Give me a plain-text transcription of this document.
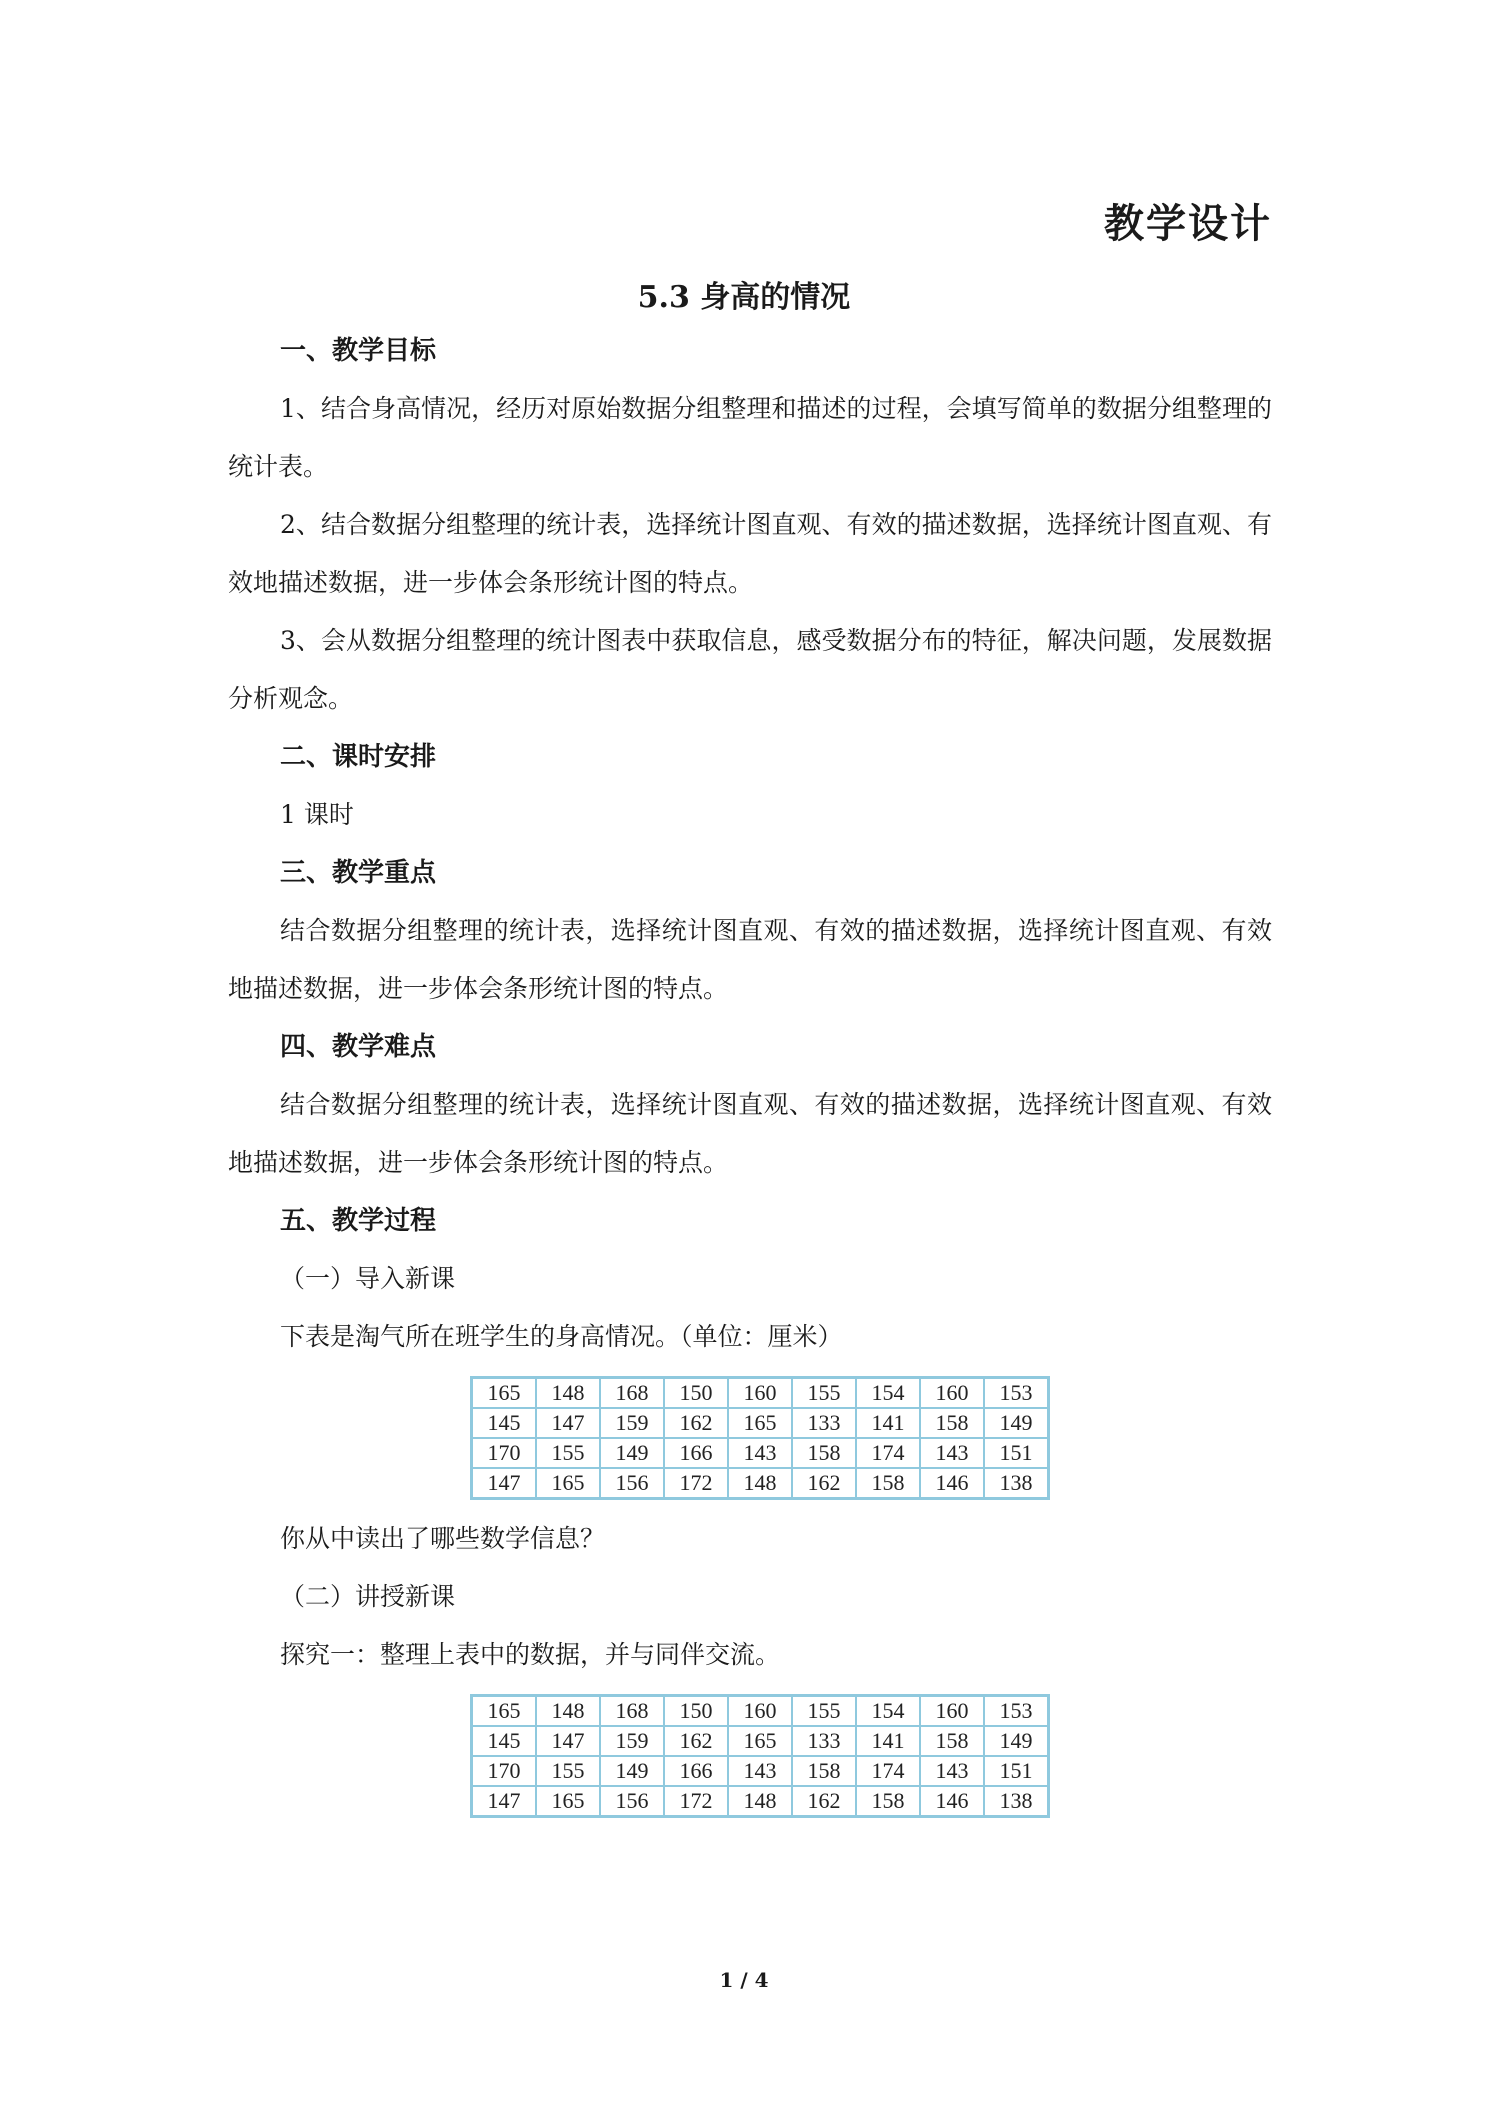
教学设计
5.3 身高的情况

一、教学目标

1、结合身高情况，经历对原始数据分组整理和描述的过程，会填写简单的数据分组整理的统计表。

2、结合数据分组整理的统计表，选择统计图直观、有效的描述数据，选择统计图直观、有效地描述数据，进一步体会条形统计图的特点。

3、会从数据分组整理的统计图表中获取信息，感受数据分布的特征，解决问题，发展数据分析观念。

二、课时安排

1 课时

三、教学重点

结合数据分组整理的统计表，选择统计图直观、有效的描述数据，选择统计图直观、有效地描述数据，进一步体会条形统计图的特点。

四、教学难点

结合数据分组整理的统计表，选择统计图直观、有效的描述数据，选择统计图直观、有效地描述数据，进一步体会条形统计图的特点。

五、教学过程

（一）导入新课

下表是淘气所在班学生的身高情况。（单位：厘米）

165	148	168	150	160	155	154	160	153
145	147	159	162	165	133	141	158	149
170	155	149	166	143	158	174	143	151
147	165	156	172	148	162	158	146	138

你从中读出了哪些数学信息？

（二）讲授新课

探究一：整理上表中的数据，并与同伴交流。

165	148	168	150	160	155	154	160	153
145	147	159	162	165	133	141	158	149
170	155	149	166	143	158	174	143	151
147	165	156	172	148	162	158	146	138
1 / 4
